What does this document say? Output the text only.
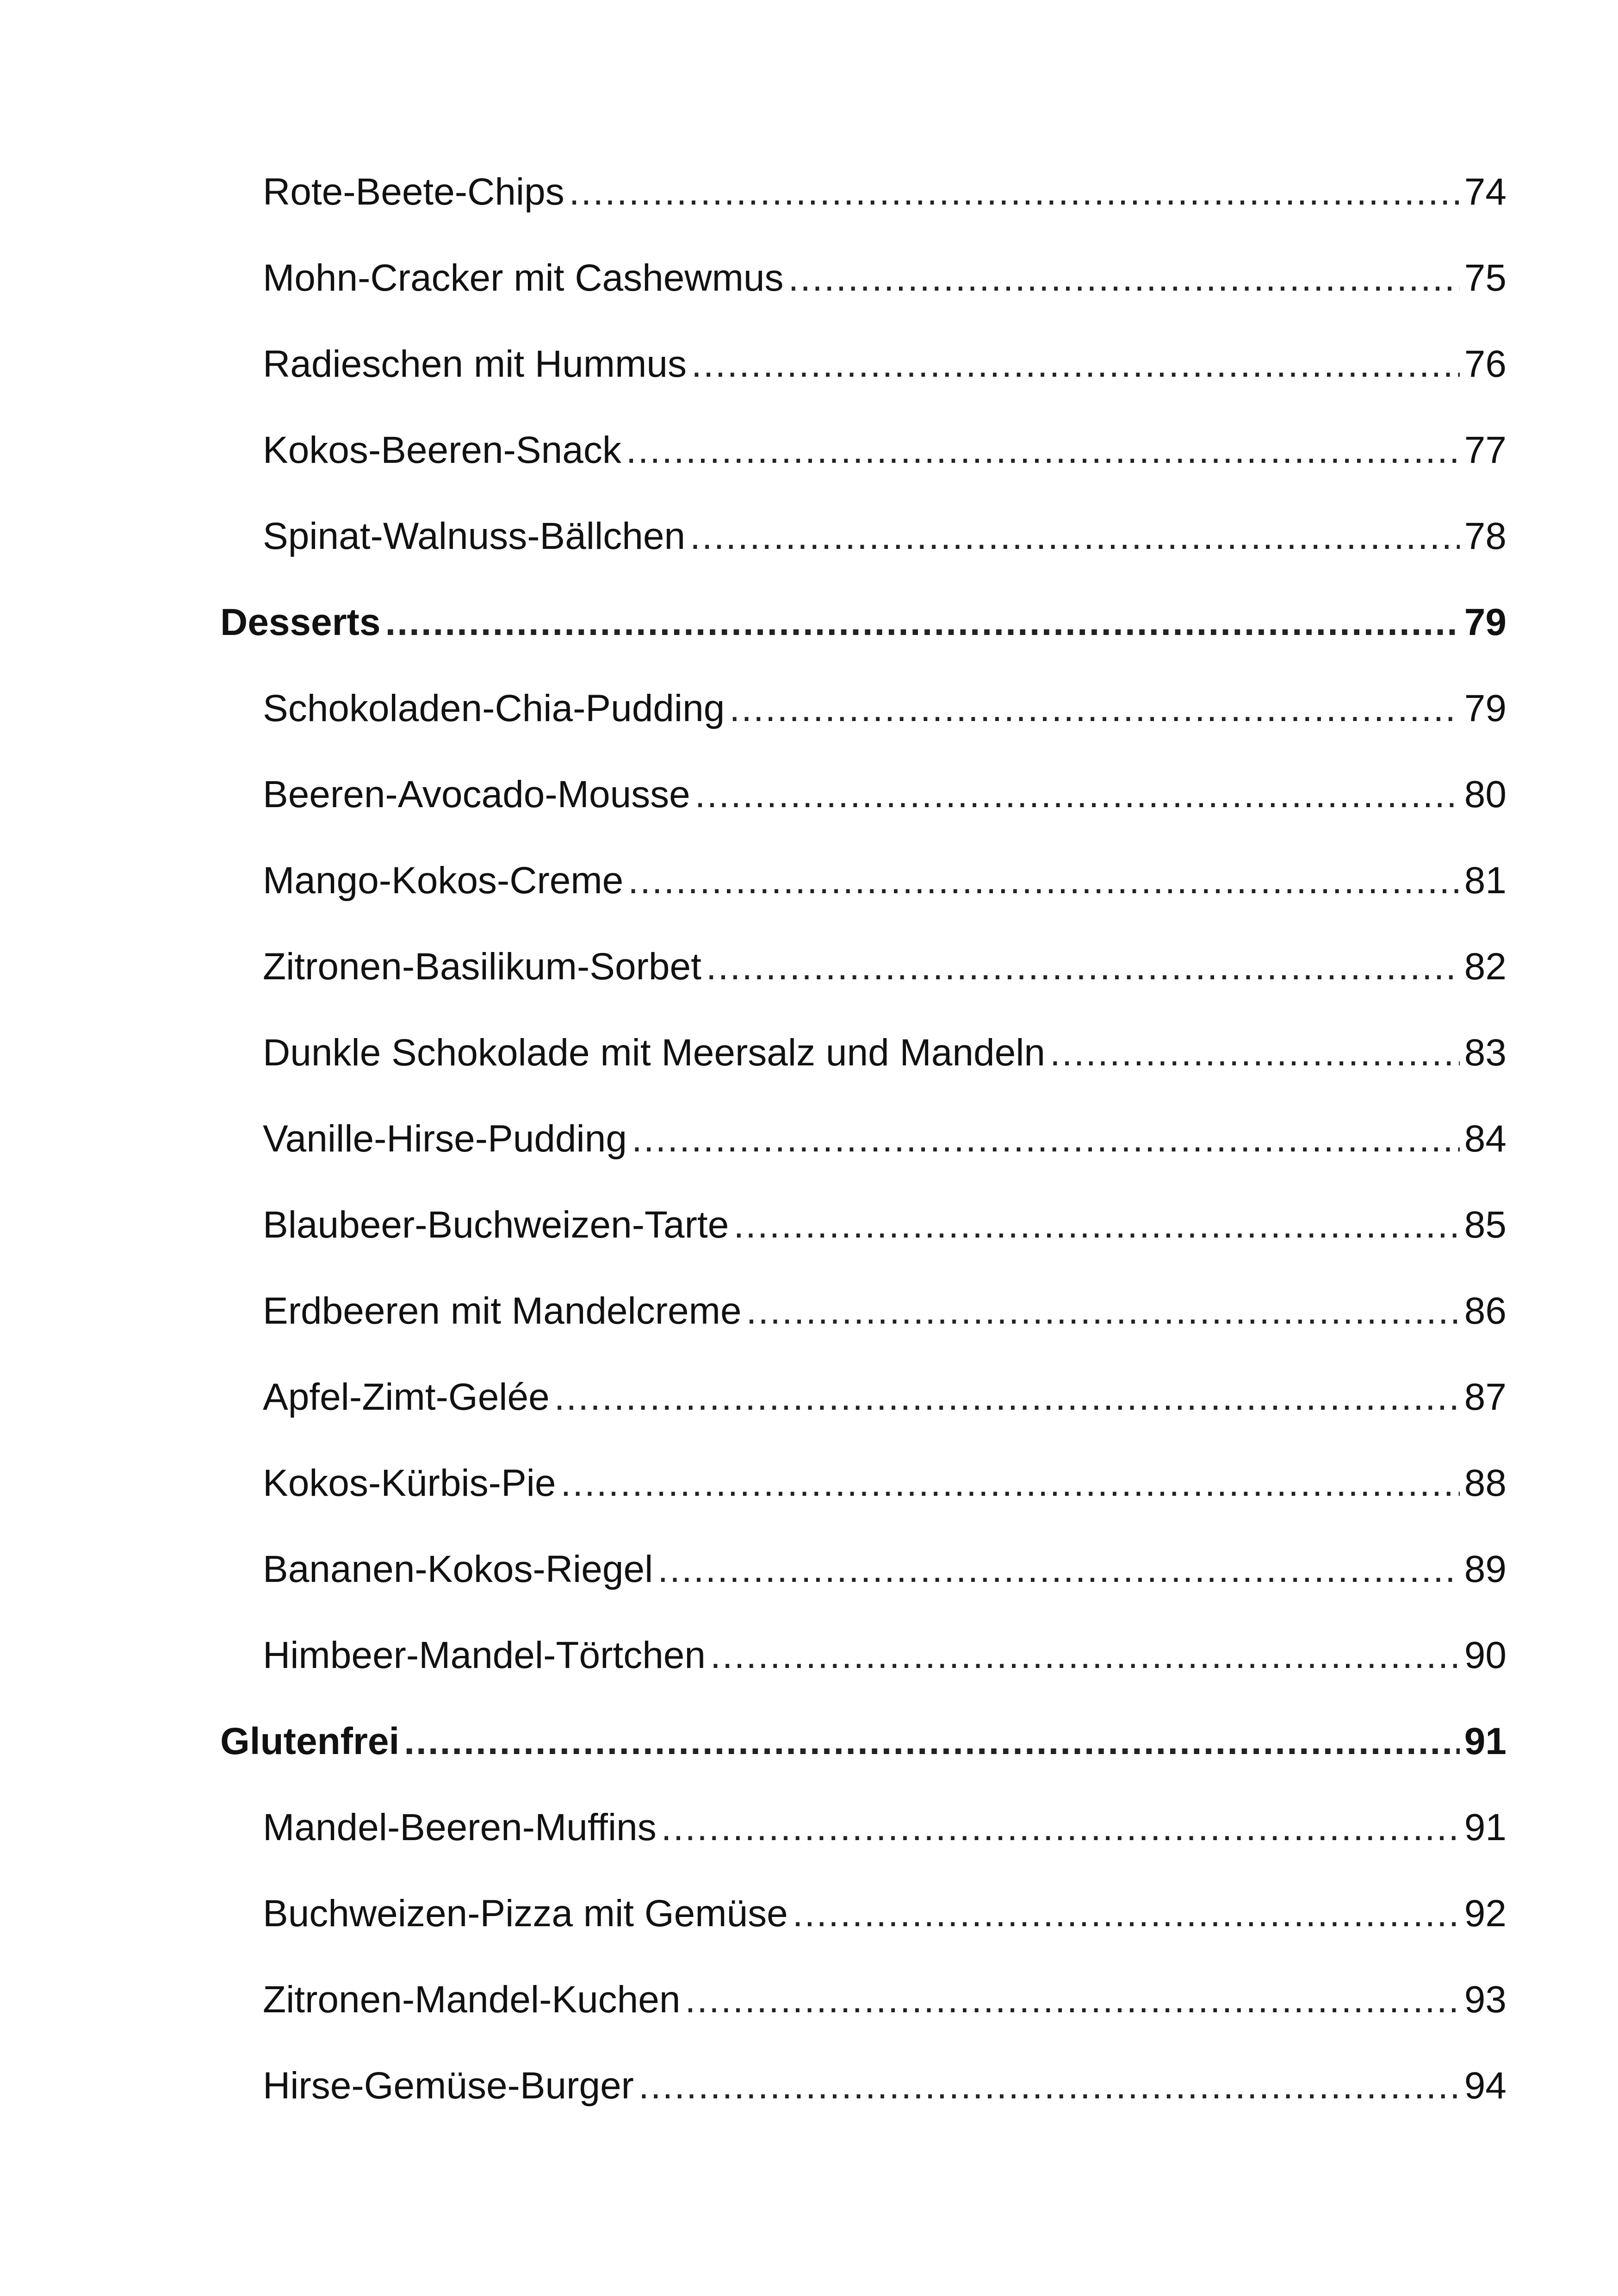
Rote-Beete-Chips .....	74
Mohn-Cracker mit Cashewmus .....	75
Radieschen mit Hummus .....	76
Kokos-Beeren-Snack .....	77
Spinat-Walnuss-Bällchen .....	78
Desserts .....	79
Schokoladen-Chia-Pudding .....	79
Beeren-Avocado-Mousse .....	80
Mango-Kokos-Creme .....	81
Zitronen-Basilikum-Sorbet .....	82
Dunkle Schokolade mit Meersalz und Mandeln .....	83
Vanille-Hirse-Pudding .....	84
Blaubeer-Buchweizen-Tarte .....	85
Erdbeeren mit Mandelcreme .....	86
Apfel-Zimt-Gelée .....	87
Kokos-Kürbis-Pie .....	88
Bananen-Kokos-Riegel .....	89
Himbeer-Mandel-Törtchen .....	90
Glutenfrei .....	91
Mandel-Beeren-Muffins .....	91
Buchweizen-Pizza mit Gemüse .....	92
Zitronen-Mandel-Kuchen .....	93
Hirse-Gemüse-Burger .....	94
